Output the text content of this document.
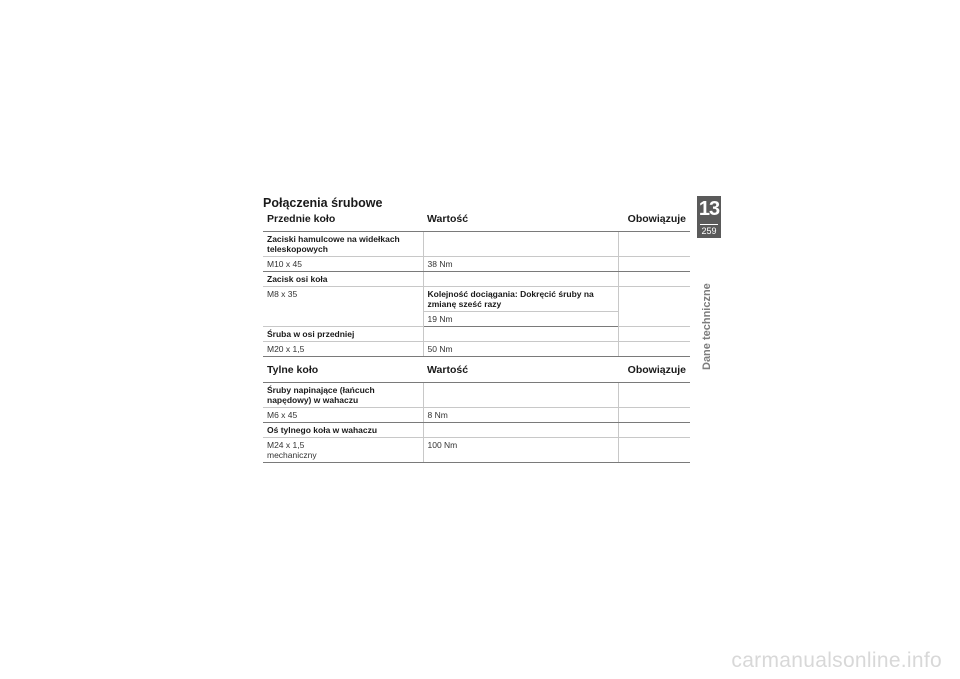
Połączenia śrubowe
Przednie koło	Wartość	Obowiązuje
Zaciski hamulcowe na widełkach teleskopowych		
M10 x 45	38 Nm	
Zacisk osi koła		
M8 x 35	Kolejność dociągania: Dokręcić śruby na zmianę sześć razy	
	19 Nm	
Śruba w osi przedniej		
M20 x 1,5	50 Nm	
Tylne koło	Wartość	Obowiązuje
Śruby napinające (łańcuch napędowy) w wahaczu		
M6 x 45	8 Nm	
Oś tylnego koła w wahaczu		

M24 x 1,5
mechaniczny	100 Nm	
13
259
Dane techniczne
carmanualsonline.info
